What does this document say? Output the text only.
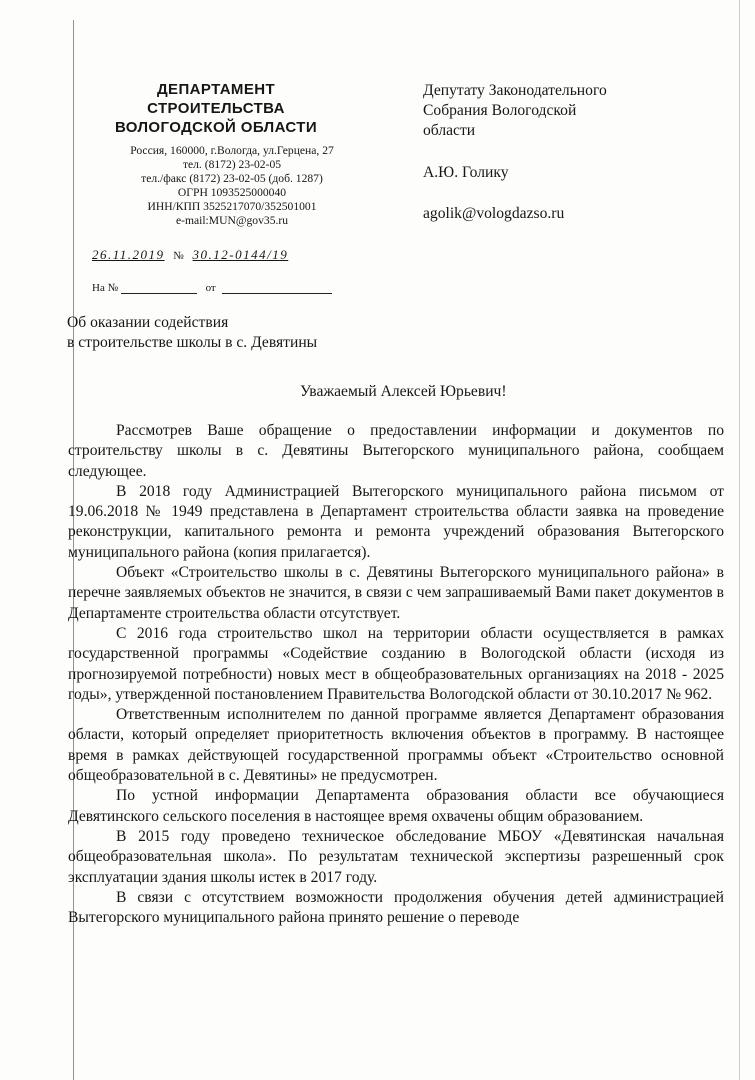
ДЕПАРТАМЕНТ
СТРОИТЕЛЬСТВА
ВОЛОГОДСКОЙ ОБЛАСТИ
Россия, 160000, г.Вологда, ул.Герцена, 27
тел. (8172) 23-02-05
тел./факс (8172) 23-02-05 (доб. 1287)
ОГРН 1093525000040
ИНН/КПП 3525217070/352501001
e-mail:MUN@gov35.ru
26.11.2019 № 30.12-0144/19
На №	от
Депутату Законодательного
Собрания Вологодской
области
А.Ю. Голику
agolik@vologdazso.ru
Об оказании содействия
в строительстве школы в с. Девятины
Уважаемый Алексей Юрьевич!

Рассмотрев Ваше обращение о предоставлении информации и документов по строительству школы в с. Девятины Вытегорского муниципального района, сообщаем следующее.

В 2018 году Администрацией Вытегорского муниципального района письмом от 19.06.2018 № 1949 представлена в Департамент строительства области заявка на проведение реконструкции, капитального ремонта и ремонта учреждений образования Вытегорского муниципального района (копия прилагается).

Объект «Строительство школы в с. Девятины Вытегорского муниципального района» в перечне заявляемых объектов не значится, в связи с чем запрашиваемый Вами пакет документов в Департаменте строительства области отсутствует.

С 2016 года строительство школ на территории области осуществляется в рамках государственной программы «Содействие созданию в Вологодской области (исходя из прогнозируемой потребности) новых мест в общеобразовательных организациях на 2018 - 2025 годы», утвержденной постановлением Правительства Вологодской области от 30.10.2017 № 962.

Ответственным исполнителем по данной программе является Департамент образования области, который определяет приоритетность включения объектов в программу. В настоящее время в рамках действующей государственной программы объект «Строительство основной общеобразовательной в с. Девятины» не предусмотрен.

По устной информации Департамента образования области все обучающиеся Девятинского сельского поселения в настоящее время охвачены общим образованием.

В 2015 году проведено техническое обследование МБОУ «Девятинская начальная общеобразовательная школа». По результатам технической экспертизы разрешенный срок эксплуатации здания школы истек в 2017 году.

В связи с отсутствием возможности продолжения обучения детей администрацией Вытегорского муниципального района принято решение о переводе
